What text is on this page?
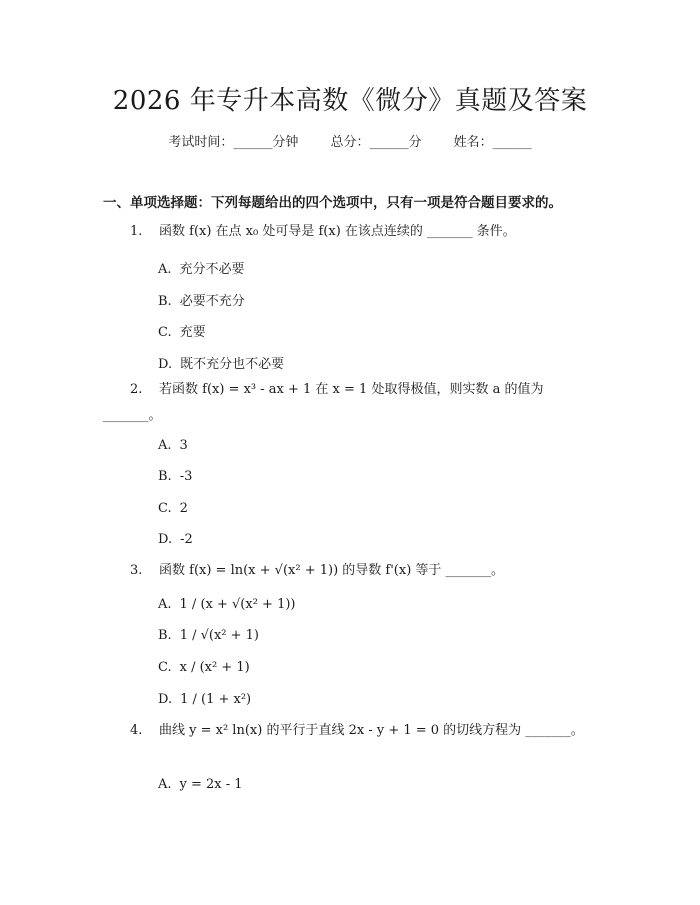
2026 年专升本高数《微分》真题及答案
考试时间：______分钟 总分：______分 姓名：______
一、单项选择题：下列每题给出的四个选项中，只有一项是符合题目要求的。
1. 函数 f(x) 在点 x₀ 处可导是 f(x) 在该点连续的 _______ 条件。
A. 充分不必要
B. 必要不充分
C. 充要
D. 既不充分也不必要
2. 若函数 f(x) = x³ - ax + 1 在 x = 1 处取得极值，则实数 a 的值为 _______。
A. 3
B. -3
C. 2
D. -2
3. 函数 f(x) = ln(x + √(x² + 1)) 的导数 f'(x) 等于 _______。
A. 1 / (x + √(x² + 1))
B. 1 / √(x² + 1)
C. x / (x² + 1)
D. 1 / (1 + x²)
4. 曲线 y = x² ln(x) 的平行于直线 2x - y + 1 = 0 的切线方程为 _______。
A. y = 2x - 1
